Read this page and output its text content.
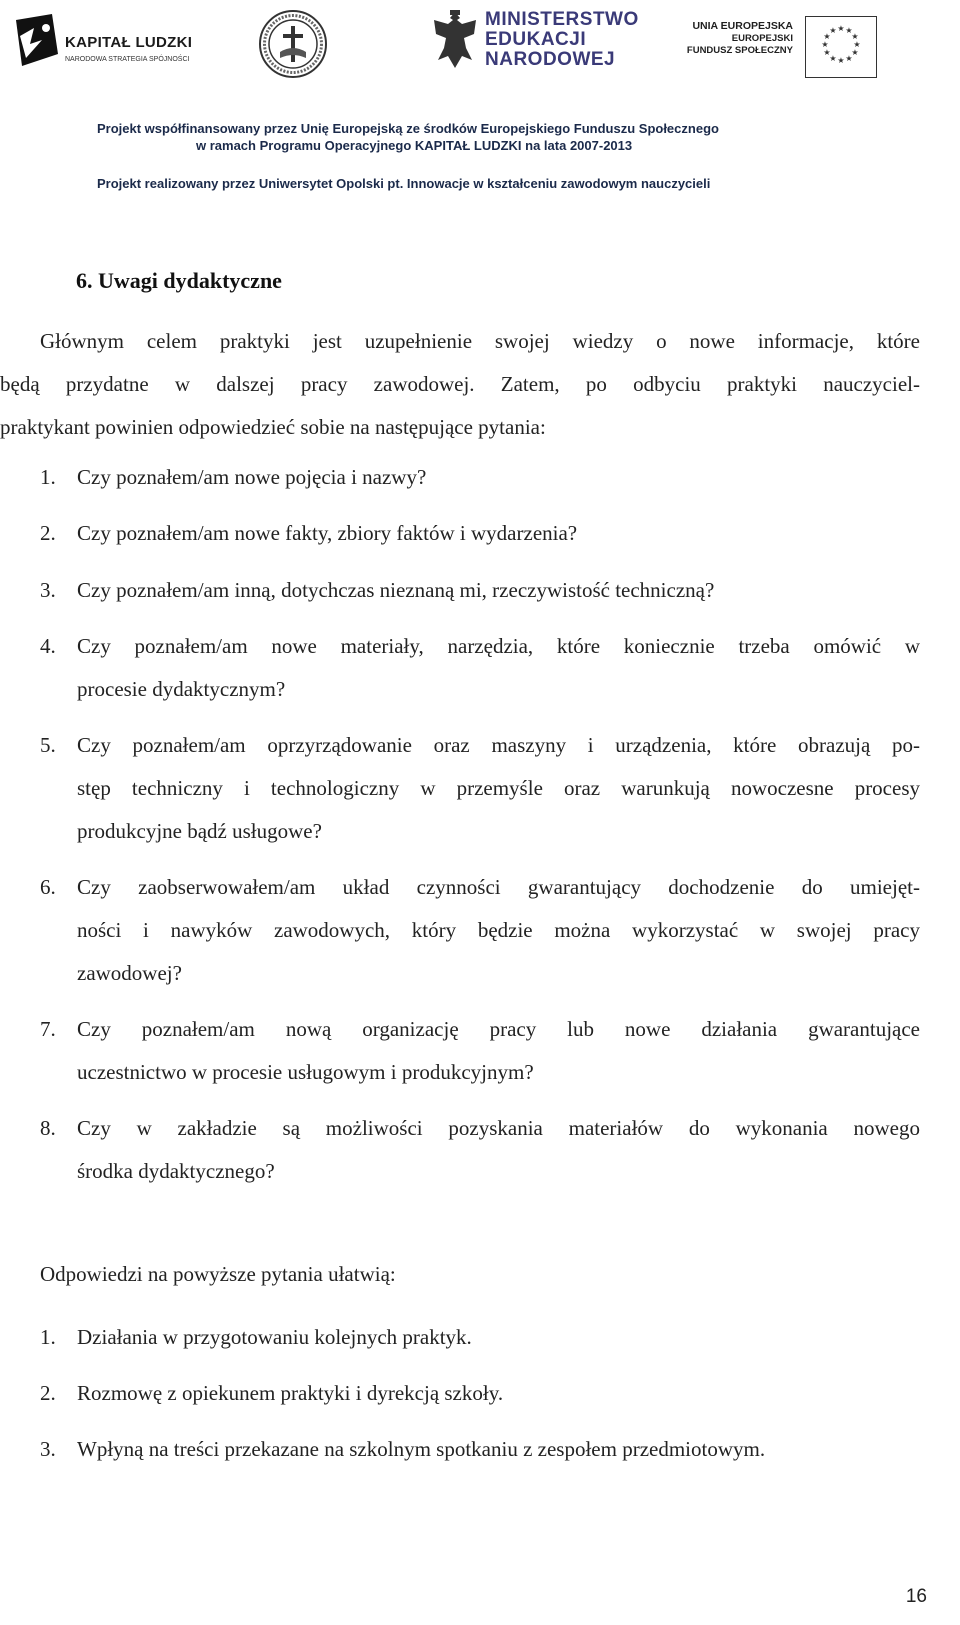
KAPITAŁ LUDZKI
NARODOWA STRATEGIA SPÓJNOŚCI
MINISTERSTWO
EDUKACJI
NARODOWEJ
UNIA EUROPEJSKA
EUROPEJSKI
FUNDUSZ SPOŁECZNY
★ ★
★
★
★
★
★
★
★
★
★
★
Projekt współfinansowany przez Unię Europejską ze środków Europejskiego Funduszu Społecznego
w ramach Programu Operacyjnego KAPITAŁ LUDZKI na lata 2007-2013
Projekt realizowany przez Uniwersytet Opolski pt. Innowacje w kształceniu zawodowym nauczycieli
6. Uwagi dydaktyczne
Głównym celem praktyki jest uzupełnienie swojej wiedzy o nowe informacje, które
będą przydatne w dalszej pracy zawodowej. Zatem, po odbyciu praktyki nauczyciel-
praktykant powinien odpowiedzieć sobie na następujące pytania:
1.	Czy poznałem/am nowe pojęcia i nazwy?
2.	Czy poznałem/am nowe fakty, zbiory faktów i wydarzenia?
3.	Czy poznałem/am inną, dotychczas nieznaną mi, rzeczywistość techniczną?
4.	Czy poznałem/am nowe materiały, narzędzia, które koniecznie trzeba omówić w
procesie dydaktycznym?
5.	Czy poznałem/am oprzyrządowanie oraz maszyny i urządzenia, które obrazują po-
stęp techniczny i technologiczny w przemyśle oraz warunkują nowoczesne procesy
produkcyjne bądź usługowe?
6.	Czy zaobserwowałem/am układ czynności gwarantujący dochodzenie do umiejęt-
ności i nawyków zawodowych, który będzie można wykorzystać w swojej pracy
zawodowej?
7.	Czy poznałem/am nową organizację pracy lub nowe działania gwarantujące
uczestnictwo w procesie usługowym i produkcyjnym?
8.	Czy w zakładzie są możliwości pozyskania materiałów do wykonania nowego
środka dydaktycznego?
Odpowiedzi na powyższe pytania ułatwią:
1.	Działania w przygotowaniu kolejnych praktyk.
2.	Rozmowę z opiekunem praktyki i dyrekcją szkoły.
3.	Wpłyną na treści przekazane na szkolnym spotkaniu z zespołem przedmiotowym.
16
